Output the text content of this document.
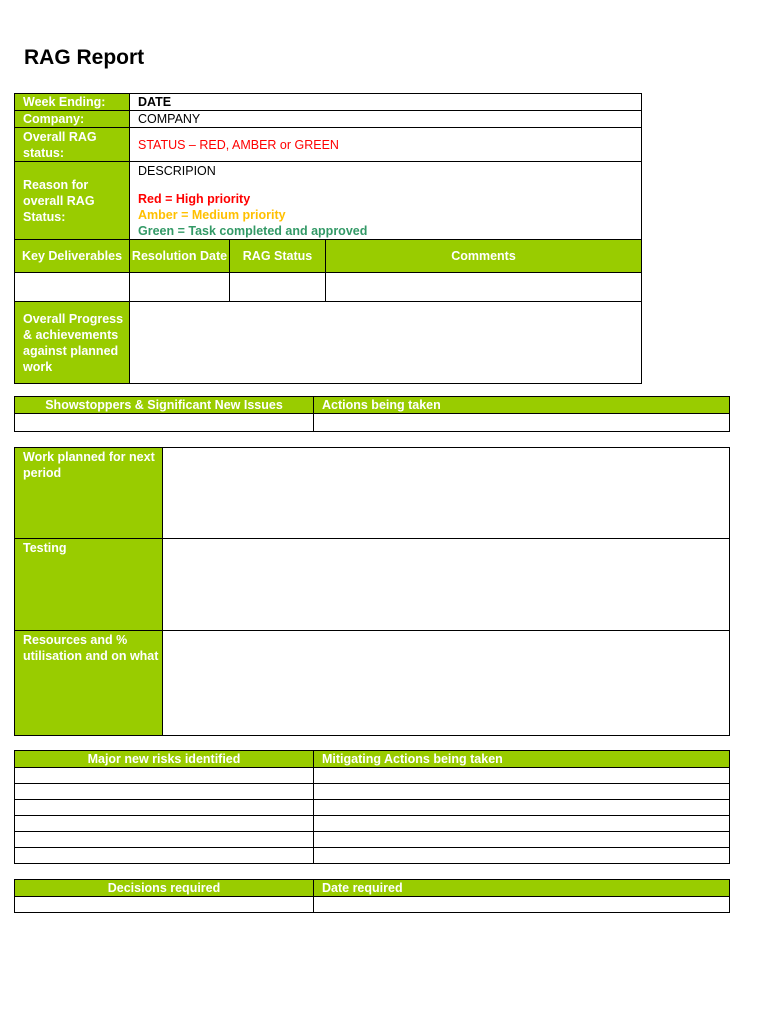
RAG Report
Week Ending:	DATE		
Company:	COMPANY		
Overall RAG status:	STATUS – RED, AMBER or GREEN		
Reason for overall RAG Status:	DESCRIPION
Red = High priority
Amber = Medium priority
Green = Task completed and approved		

Key Deliverables	Resolution Date	RAG Status	Comments

Overall Progress & achievements against planned work			
Showstoppers & Significant New Issues	Actions being taken

Work planned for next period	
Testing	
Resources and % utilisation and on what	
Major new risks identified	Mitigating Actions being taken

Decisions required	Date required
